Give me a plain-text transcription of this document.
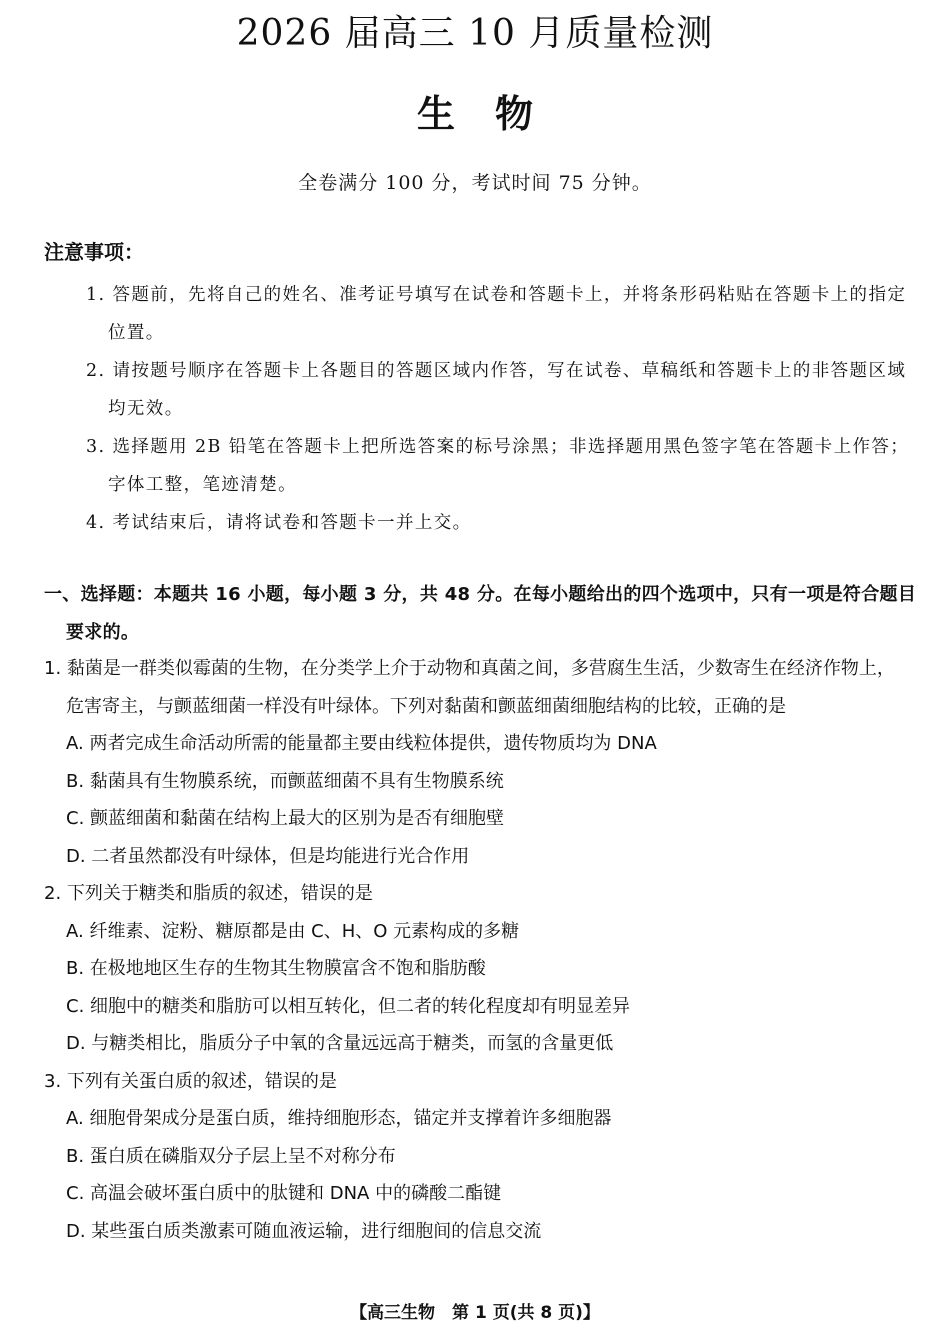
2026 届高三 10 月质量检测
生物
全卷满分 100 分，考试时间 75 分钟。
注意事项：
1. 答题前，先将自己的姓名、准考证号填写在试卷和答题卡上，并将条形码粘贴在答题卡上的指定位置。
2. 请按题号顺序在答题卡上各题目的答题区域内作答，写在试卷、草稿纸和答题卡上的非答题区域均无效。
3. 选择题用 2B 铅笔在答题卡上把所选答案的标号涂黑；非选择题用黑色签字笔在答题卡上作答；字体工整，笔迹清楚。
4. 考试结束后，请将试卷和答题卡一并上交。
一、选择题：本题共 16 小题，每小题 3 分，共 48 分。在每小题给出的四个选项中，只有一项是符合题目要求的。
1. 黏菌是一群类似霉菌的生物，在分类学上介于动物和真菌之间，多营腐生生活，少数寄生在经济作物上，危害寄主，与颤蓝细菌一样没有叶绿体。下列对黏菌和颤蓝细菌细胞结构的比较，正确的是
A. 两者完成生命活动所需的能量都主要由线粒体提供，遗传物质均为 DNA
B. 黏菌具有生物膜系统，而颤蓝细菌不具有生物膜系统
C. 颤蓝细菌和黏菌在结构上最大的区别为是否有细胞壁
D. 二者虽然都没有叶绿体，但是均能进行光合作用
2. 下列关于糖类和脂质的叙述，错误的是
A. 纤维素、淀粉、糖原都是由 C、H、O 元素构成的多糖
B. 在极地地区生存的生物其生物膜富含不饱和脂肪酸
C. 细胞中的糖类和脂肪可以相互转化，但二者的转化程度却有明显差异
D. 与糖类相比，脂质分子中氧的含量远远高于糖类，而氢的含量更低
3. 下列有关蛋白质的叙述，错误的是
A. 细胞骨架成分是蛋白质，维持细胞形态，锚定并支撑着许多细胞器
B. 蛋白质在磷脂双分子层上呈不对称分布
C. 高温会破坏蛋白质中的肽键和 DNA 中的磷酸二酯键
D. 某些蛋白质类激素可随血液运输，进行细胞间的信息交流
【高三生物　第 1 页(共 8 页)】
